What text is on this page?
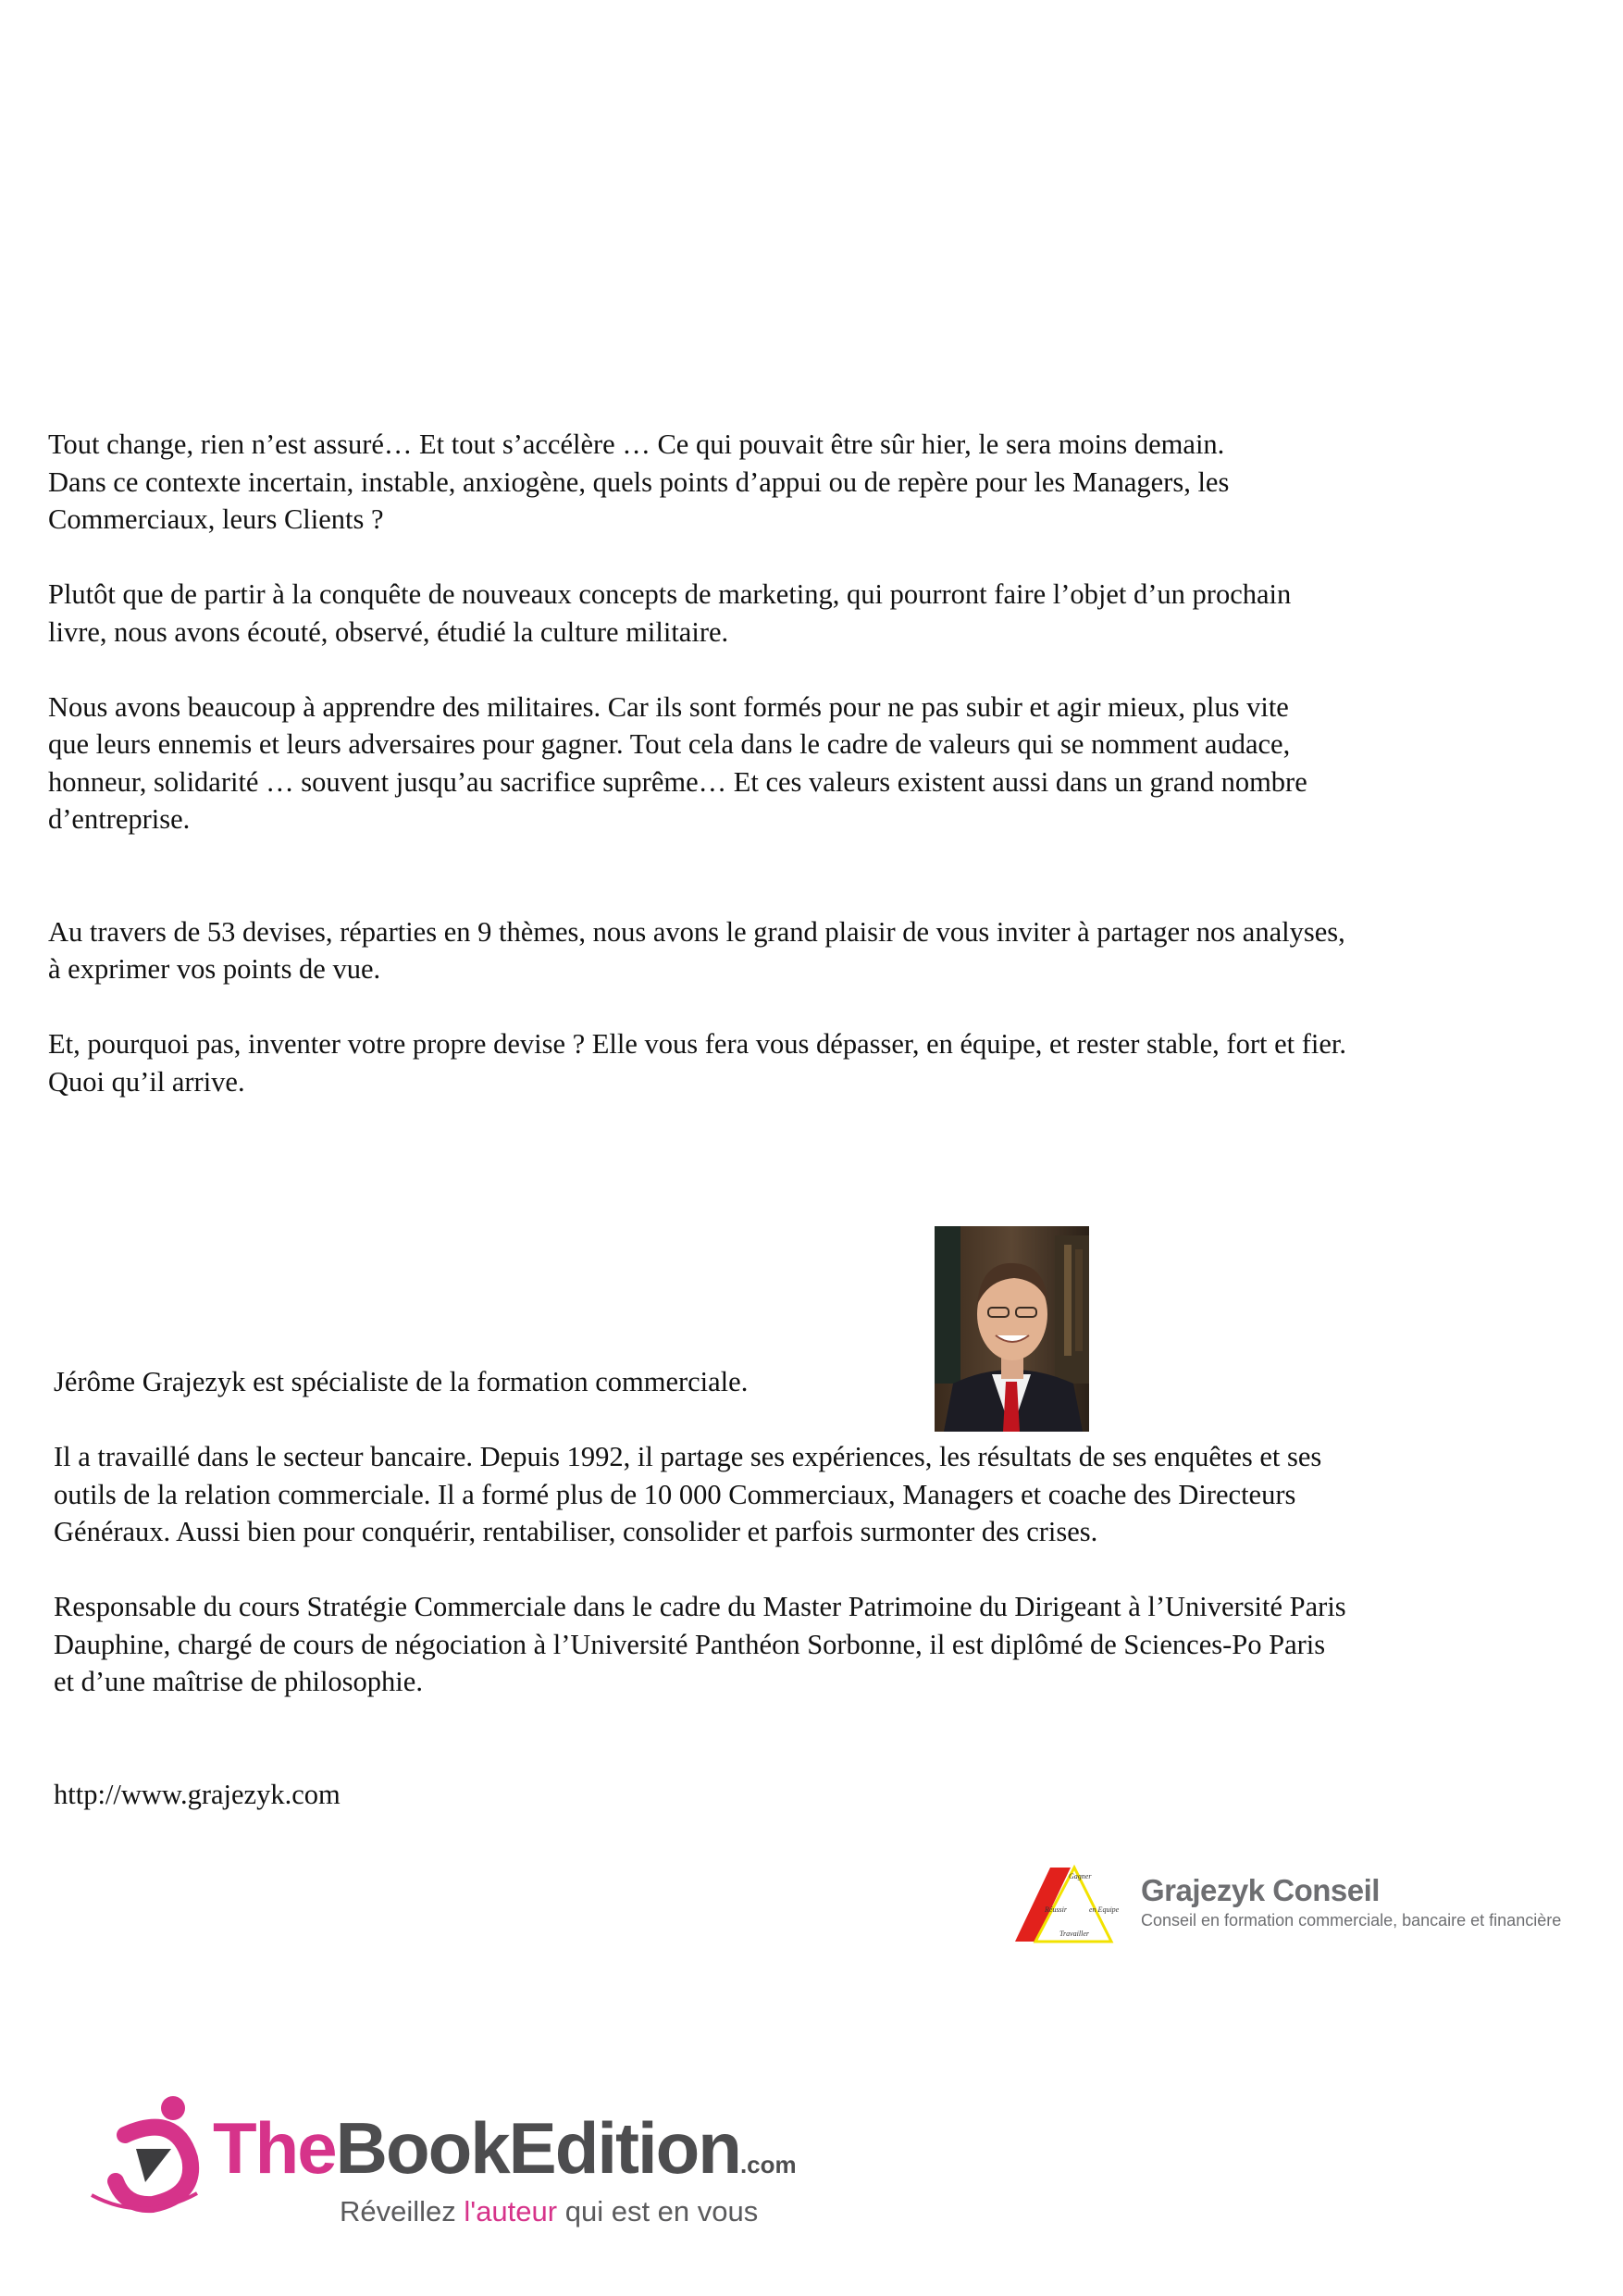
Tout change, rien n’est assuré… Et tout s’accélère … Ce qui pouvait être sûr hier, le sera moins demain.
Dans ce contexte incertain, instable, anxiogène, quels points d’appui ou de repère pour les Managers, les
Commerciaux, leurs Clients ?

Plutôt que de partir à la conquête de nouveaux concepts de marketing, qui pourront faire l’objet d’un prochain
livre, nous avons écouté, observé, étudié la culture militaire.

Nous avons beaucoup à apprendre des militaires. Car ils sont formés pour ne pas subir et agir mieux, plus vite
que leurs ennemis et leurs adversaires pour gagner. Tout cela dans le cadre de valeurs qui se nomment audace,
honneur, solidarité … souvent jusqu’au sacrifice suprême… Et ces valeurs existent aussi dans un grand nombre
d’entreprise.

Au travers de 53 devises, réparties en 9 thèmes, nous avons le grand plaisir de vous inviter à partager nos analyses,
à exprimer vos points de vue.

Et, pourquoi pas, inventer votre propre devise ? Elle vous fera vous dépasser, en équipe, et rester stable, fort et fier.
Quoi qu’il arrive.

Jérôme Grajezyk est spécialiste de la formation commerciale.

Il a travaillé dans le secteur bancaire. Depuis 1992, il partage ses expériences, les résultats de ses enquêtes et ses
outils de la relation commerciale. Il a formé plus de 10 000 Commerciaux, Managers et coache des Directeurs
Généraux. Aussi bien pour conquérir, rentabiliser, consolider et parfois surmonter des crises.

Responsable du cours Stratégie Commerciale dans le cadre du Master Patrimoine du Dirigeant à l’Université Paris
Dauphine, chargé de cours de négociation à l’Université Panthéon Sorbonne, il est diplômé de Sciences-Po Paris
et d’une maîtrise de philosophie.

http://www.grajezyk.com

Gagner
Réussir	en Equipe
Travailler
Grajezyk Conseil
Conseil en formation commerciale, bancaire et financière
TheBookEdition.com
Réveillez l'auteur qui est en vous
